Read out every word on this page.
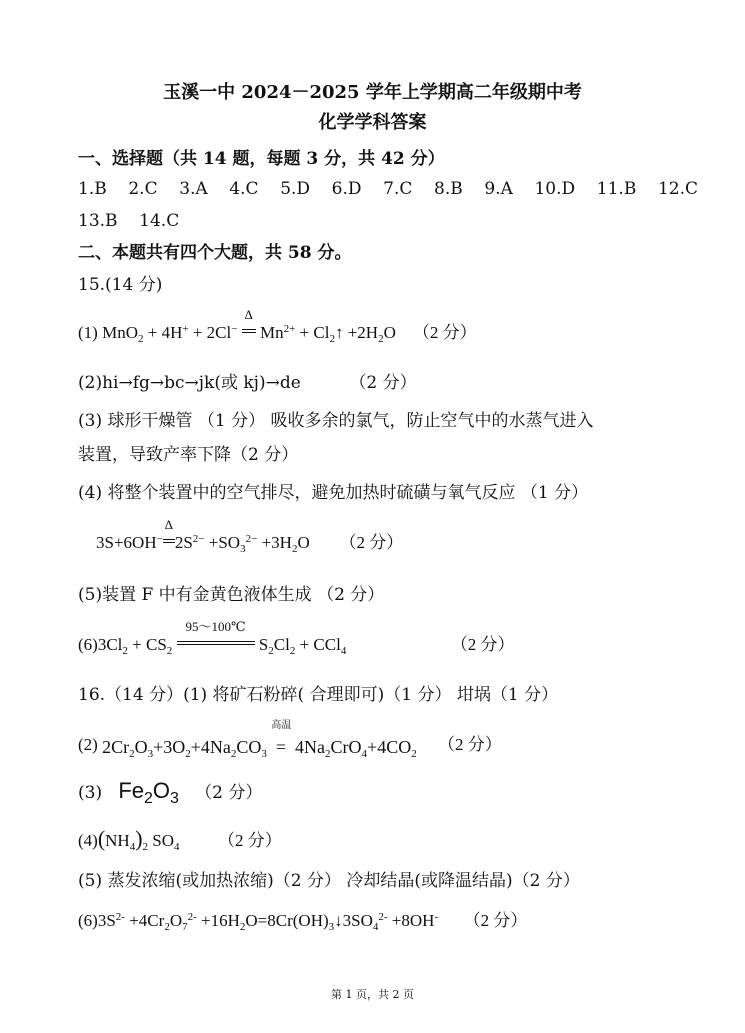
玉溪一中 2024－2025 学年上学期高二年级期中考
化学学科答案
一、选择题（共 14 题，每题 3 分，共 42 分）
1.B 2.C 3.A 4.C 5.D 6.D 7.C 8.B 9.A 10.D 11.B 12.C
13.B 14.C
二、本题共有四个大题，共 58 分。
15.(14 分)
(1) MnO$_2$ + 4H+ + 2Cl−
Δ
$Mn^{2+}$ + $Cl_2↑ +2H_2O$ （2 分）
(2)hi→fg→bc→jk(或 kj)→de	（2 分）
(3) 球形干燥管 （1 分） 吸收多余的氯气，防止空气中的水蒸气进入
装置，导致产率下降（2 分）
(4) 将整个装置中的空气排尽，避免加热时硫磺与氧气反应 （1 分）
3S+6OH−
Δ
$2S^{2-} +SO_3^{2-} +3H_2O$       （2 分）
(5)装置 F 中有金黄色液体生成 （2 分）
$(6)3Cl_2 + CS_2$
95～100℃
$S_2Cl_2 + CCl_4$	（2 分）
16.（14 分）(1) 将矿石粉碎( 合理即可)（1 分） 坩埚（1 分）
(2) $2Cr_2O_3+3O_2+4Na_2CO_3$
高温
=  $4Na_2CrO_4+4CO_2$ （2 分）
(3) $Fe_2O_3$ （2 分）
$(4)(NH_4)_2$ $SO_4$ （2 分）
(5) 蒸发浓缩(或加热浓缩)（2 分） 冷却结晶(或降温结晶)（2 分）
$(6)3S^{2-} +4Cr_2O_7^{2-}$ $+16H_2O=8Cr(OH)_3↓3SO_4^{2-} +8OH^-$ （2 分）
第 1 页，共 2 页
